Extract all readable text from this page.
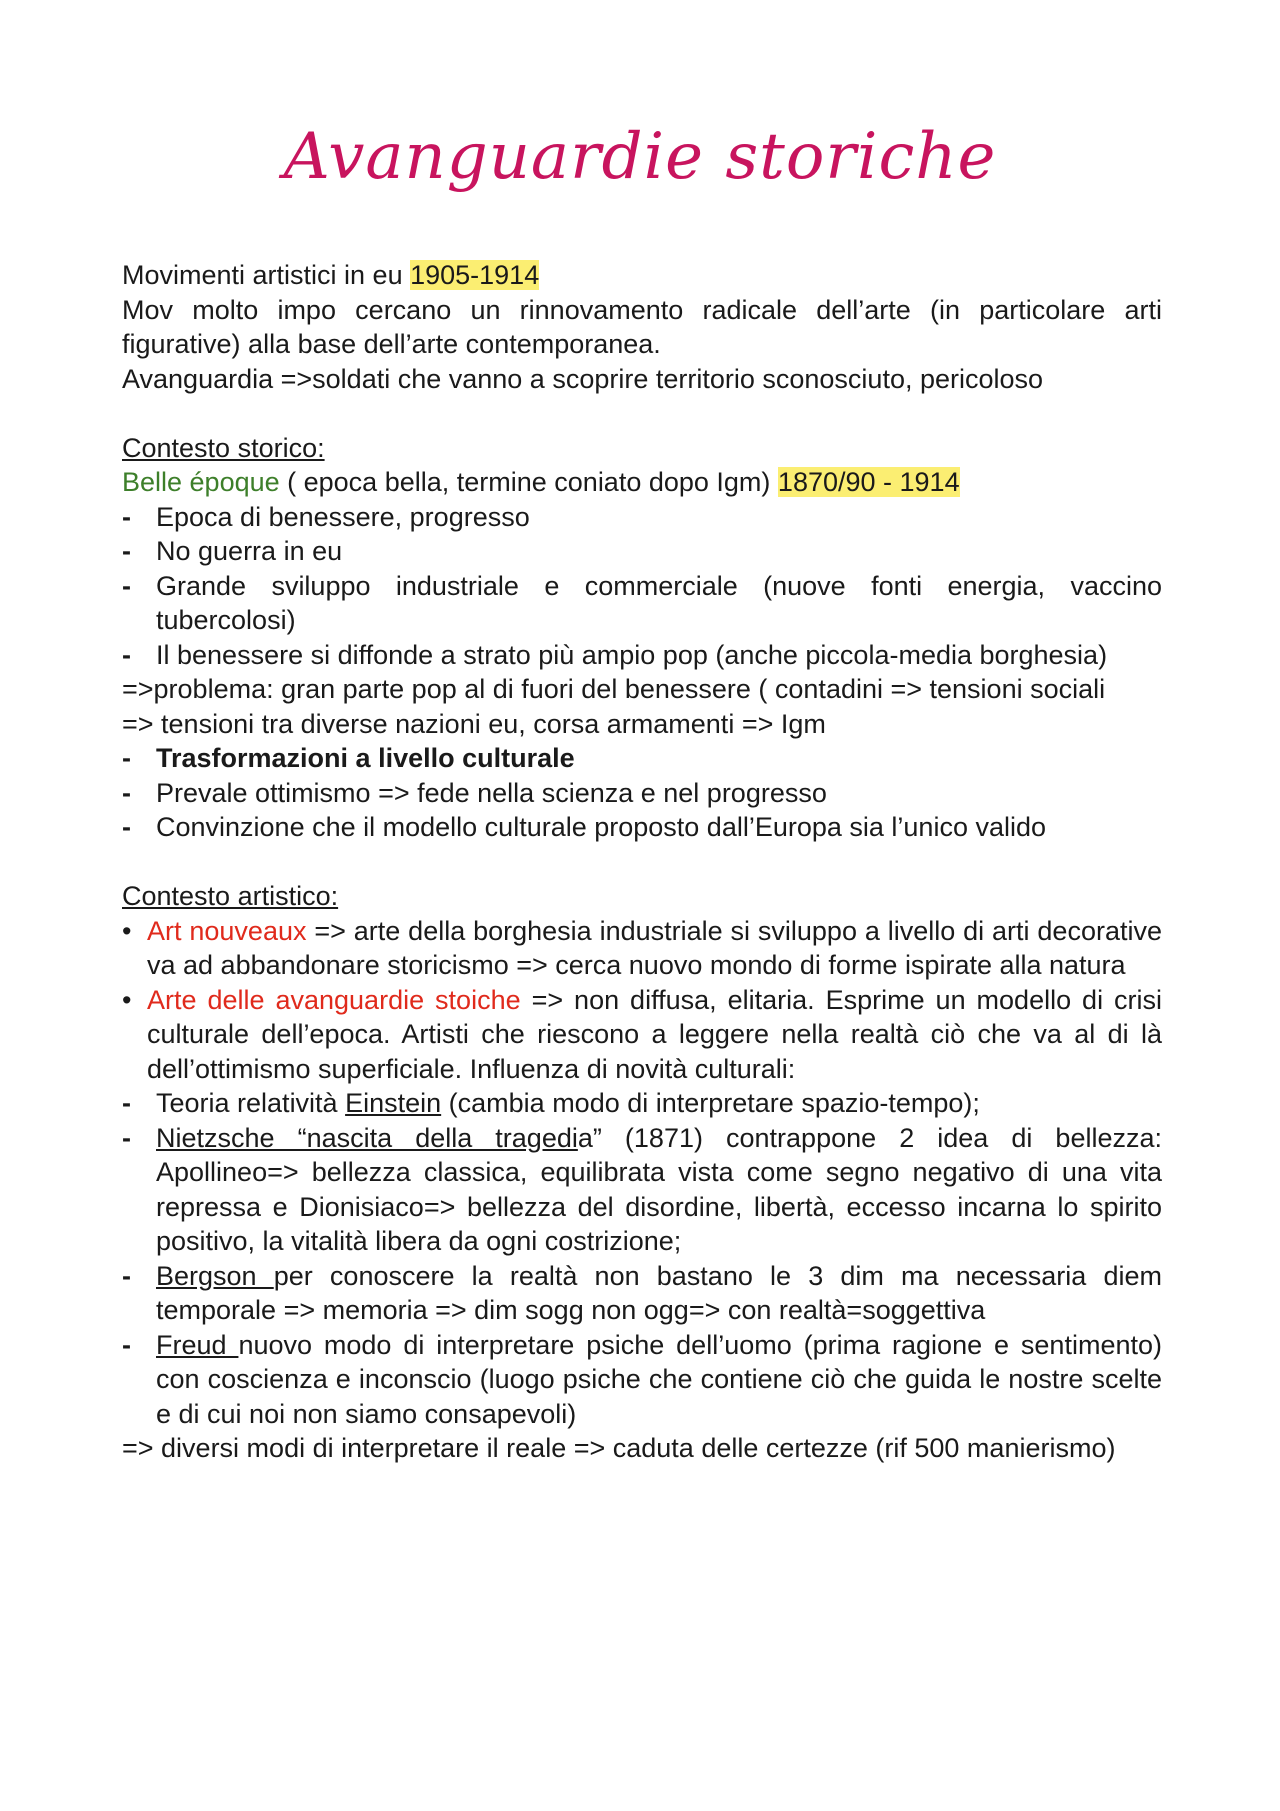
Avanguardie storiche

Movimenti artistici in eu 1905-1914

Mov molto impo cercano un rinnovamento radicale dell’arte (in particolare arti figurative) alla base dell’arte contemporanea.

Avanguardia =>soldati che vanno a scoprire territorio sconosciuto, pericoloso

Contesto storico:

Belle époque ( epoca bella, termine coniato dopo Igm) 1870/90 - 1914

- Epoca di benessere, progresso

- No guerra in eu

- Grande sviluppo industriale e commerciale (nuove fonti energia, vaccino tubercolosi)

- Il benessere si diffonde a strato più ampio pop (anche piccola-media borghesia)

=>problema: gran parte pop al di fuori del benessere ( contadini => tensioni sociali

=> tensioni tra diverse nazioni eu, corsa armamenti => Igm

- Trasformazioni a livello culturale

- Prevale ottimismo => fede nella scienza e nel progresso

- Convinzione che il modello culturale proposto dall’Europa sia l’unico valido

Contesto artistico:

• Art nouveaux => arte della borghesia industriale si sviluppo a livello di arti decorative va ad abbandonare storicismo => cerca nuovo mondo di forme ispirate alla natura

• Arte delle avanguardie stoiche => non diffusa, elitaria. Esprime un modello di crisi culturale dell’epoca. Artisti che riescono a leggere nella realtà ciò che va al di là dell’ottimismo superficiale. Influenza di novità culturali:

- Teoria relatività Einstein (cambia modo di interpretare spazio-tempo);

- Nietzsche “nascita della tragedia” (1871) contrappone 2 idea di bellezza: Apollineo=> bellezza classica, equilibrata vista come segno negativo di una vita repressa e Dionisiaco=> bellezza del disordine, libertà, eccesso incarna lo spirito positivo, la vitalità libera da ogni costrizione;

- Bergson per conoscere la realtà non bastano le 3 dim ma necessaria diem temporale => memoria => dim sogg non ogg=> con realtà=soggettiva

- Freud nuovo modo di interpretare psiche dell’uomo (prima ragione e sentimento) con coscienza e inconscio (luogo psiche che contiene ciò che guida le nostre scelte e di cui noi non siamo consapevoli)

=> diversi modi di interpretare il reale => caduta delle certezze (rif 500 manierismo)
